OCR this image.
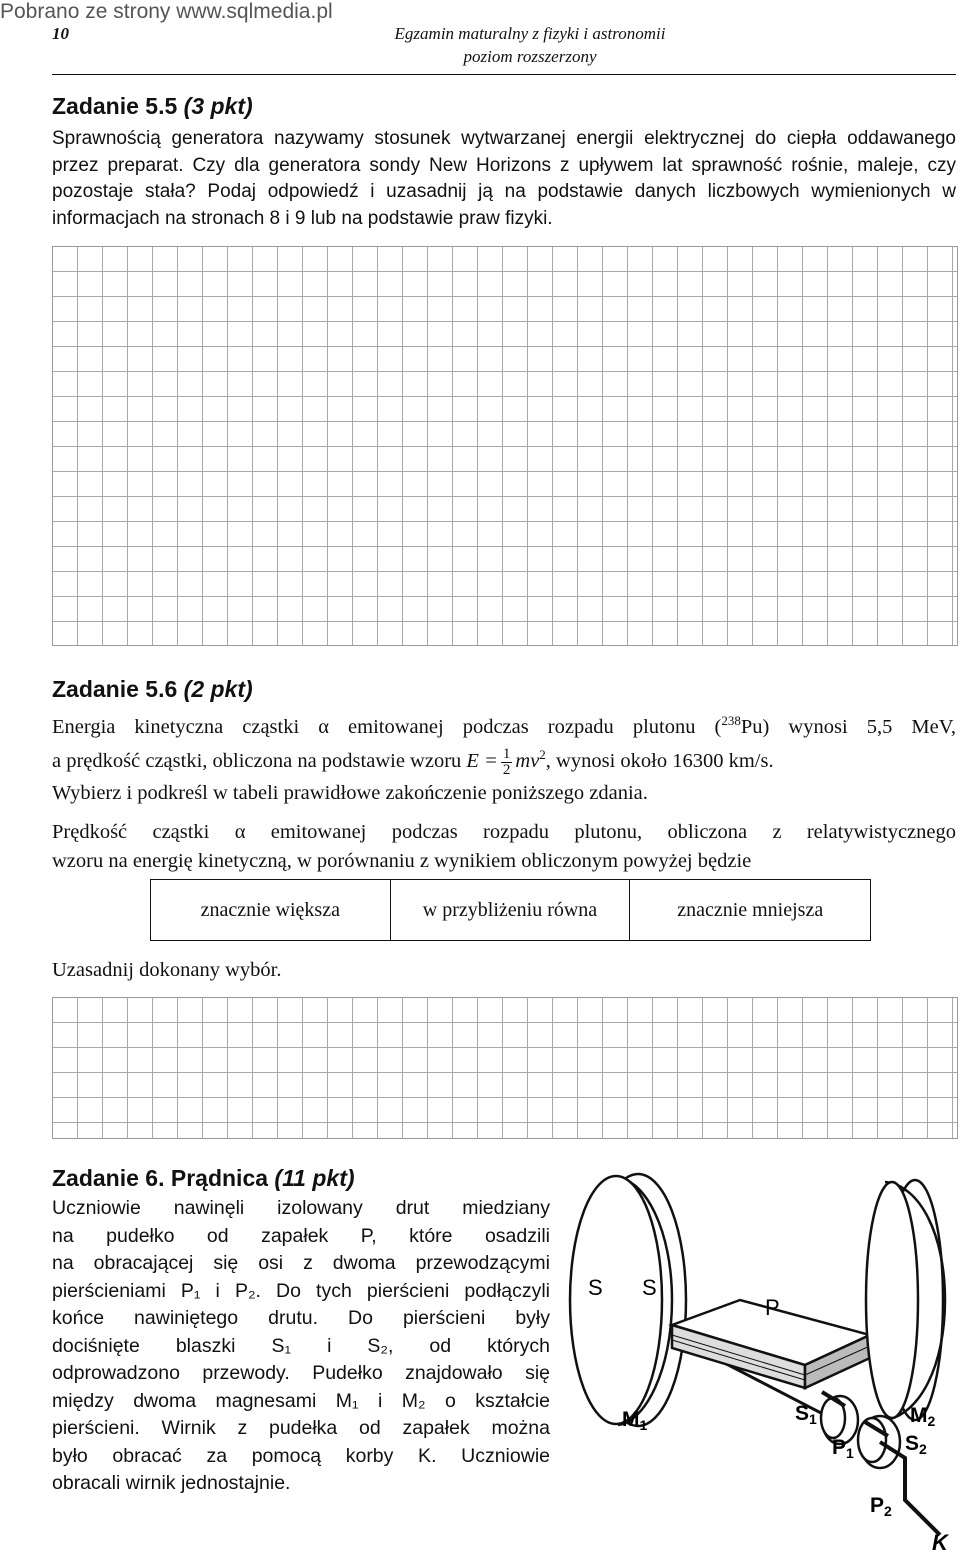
Pobrano ze strony www.sqlmedia.pl
10	Egzamin maturalny z fizyki i astronomii
poziom rozszerzony
Zadanie 5.5 (3 pkt)
Sprawnością generatora nazywamy stosunek wytwarzanej energii elektrycznej do ciepła oddawanego przez preparat. Czy dla generatora sondy New Horizons z upływem lat sprawność rośnie, maleje, czy pozostaje stała? Podaj odpowiedź i uzasadnij ją na podstawie danych liczbowych wymienionych w informacjach na stronach 8 i 9 lub na podstawie praw fizyki.
Zadanie 5.6 (2 pkt)
Energia kinetyczna cząstki α emitowanej podczas rozpadu plutonu ($^{238}$Pu) wynosi 5,5 MeV,
a prędkość cząstki, obliczona na podstawie wzoru $E = \frac{1}{2} mv^2$, wynosi około 16300 km/s.
Wybierz i podkreśl w tabeli prawidłowe zakończenie poniższego zdania.
Prędkość cząstki α emitowanej podczas rozpadu plutonu, obliczona z relatywistycznego
wzoru na energię kinetyczną, w porównaniu z wynikiem obliczonym powyżej będzie
znacznie większa	w przybliżeniu równa	znacznie mniejsza
Uzasadnij dokonany wybór.
Zadanie 6. Prądnica (11 pkt)
Uczniowie nawinęli izolowany drut miedziany
na pudełko od zapałek P, które osadzili
na obracającej się osi z dwoma przewodzącymi
pierścieniami P₁ i P₂. Do tych pierścieni podłączyli
końce nawiniętego drutu. Do pierścieni były
dociśnięte blaszki S₁ i S₂, od których
odprowadzono przewody. Pudełko znajdowało się
między dwoma magnesami M₁ i M₂ o kształcie
pierścieni. Wirnik z pudełka od zapałek można
było obracać za pomocą korby K. Uczniowie
obracali wirnik jednostajnie.
S S
P
M1	M2
S1
S2
P1
P2
K
